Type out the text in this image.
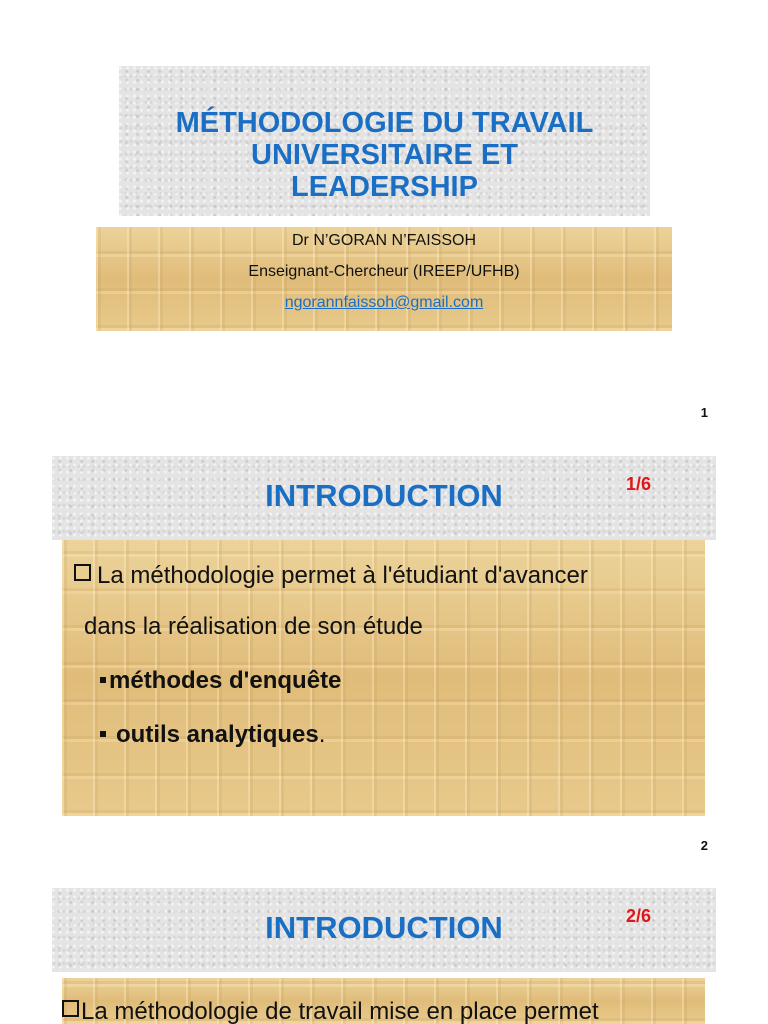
MÉTHODOLOGIE DU TRAVAIL
UNIVERSITAIRE ET
LEADERSHIP
Dr N’GORAN N’FAISSOH
Enseignant-Chercheur (IREEP/UFHB)
ngorannfaissoh@gmail.com
1
INTRODUCTION	1/6
La méthodologie permet à l'étudiant d'avancer
dans la réalisation de son étude
méthodes d'enquête
outils analytiques.
2
INTRODUCTION	2/6
La méthodologie de travail mise en place permet
